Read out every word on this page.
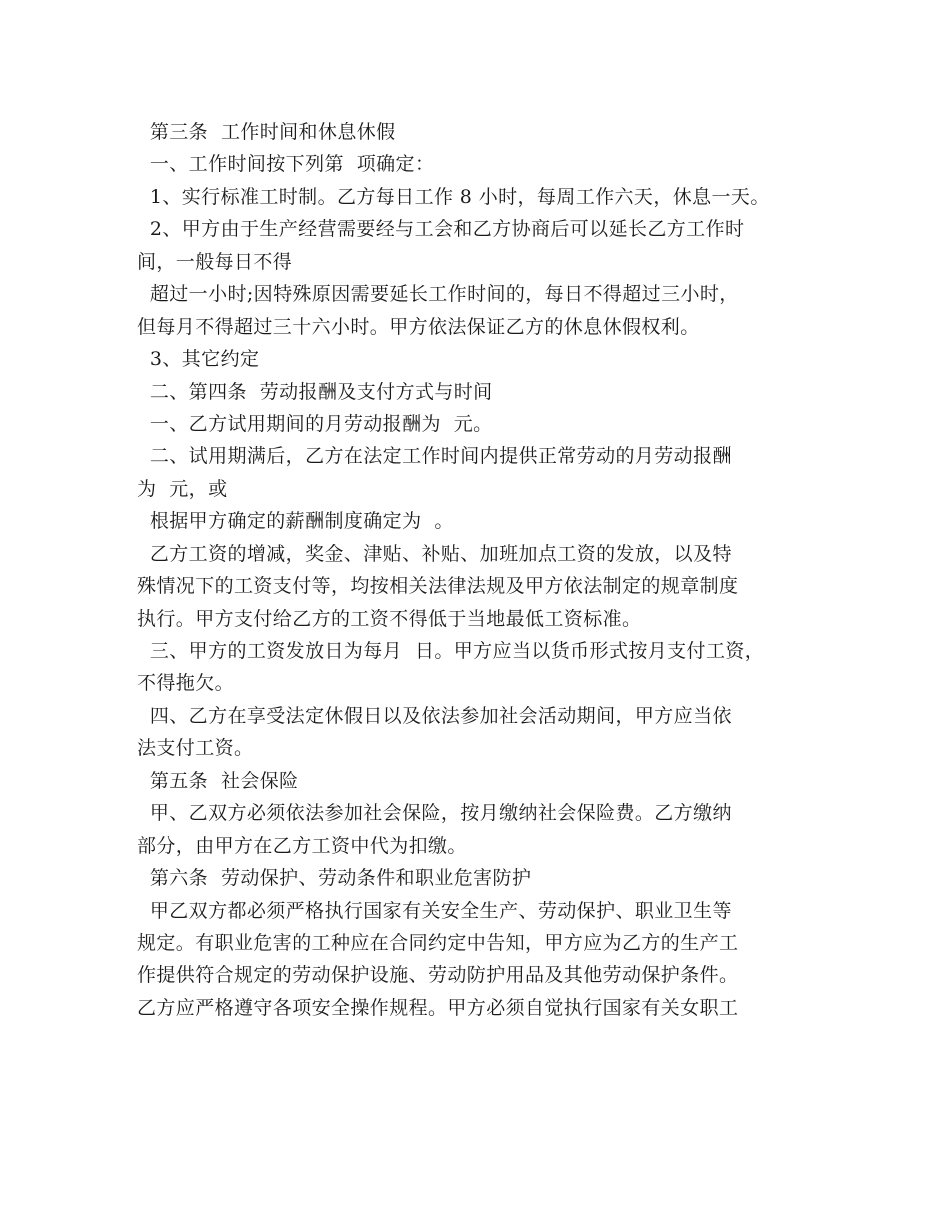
第三条  工作时间和休息休假
一、工作时间按下列第  项确定：
1、实行标准工时制。乙方每日工作 8 小时，每周工作六天，休息一天。
2、甲方由于生产经营需要经与工会和乙方协商后可以延长乙方工作时
间，一般每日不得
超过一小时;因特殊原因需要延长工作时间的，每日不得超过三小时，
但每月不得超过三十六小时。甲方依法保证乙方的休息休假权利。
3、其它约定
二、第四条  劳动报酬及支付方式与时间
一、乙方试用期间的月劳动报酬为  元。
二、试用期满后，乙方在法定工作时间内提供正常劳动的月劳动报酬
为  元，或
根据甲方确定的薪酬制度确定为  。
乙方工资的增减，奖金、津贴、补贴、加班加点工资的发放，以及特
殊情况下的工资支付等，均按相关法律法规及甲方依法制定的规章制度
执行。甲方支付给乙方的工资不得低于当地最低工资标准。
三、甲方的工资发放日为每月  日。甲方应当以货币形式按月支付工资，
不得拖欠。
四、乙方在享受法定休假日以及依法参加社会活动期间，甲方应当依
法支付工资。
第五条  社会保险
甲、乙双方必须依法参加社会保险，按月缴纳社会保险费。乙方缴纳
部分，由甲方在乙方工资中代为扣缴。
第六条  劳动保护、劳动条件和职业危害防护
甲乙双方都必须严格执行国家有关安全生产、劳动保护、职业卫生等
规定。有职业危害的工种应在合同约定中告知，甲方应为乙方的生产工
作提供符合规定的劳动保护设施、劳动防护用品及其他劳动保护条件。
乙方应严格遵守各项安全操作规程。甲方必须自觉执行国家有关女职工
